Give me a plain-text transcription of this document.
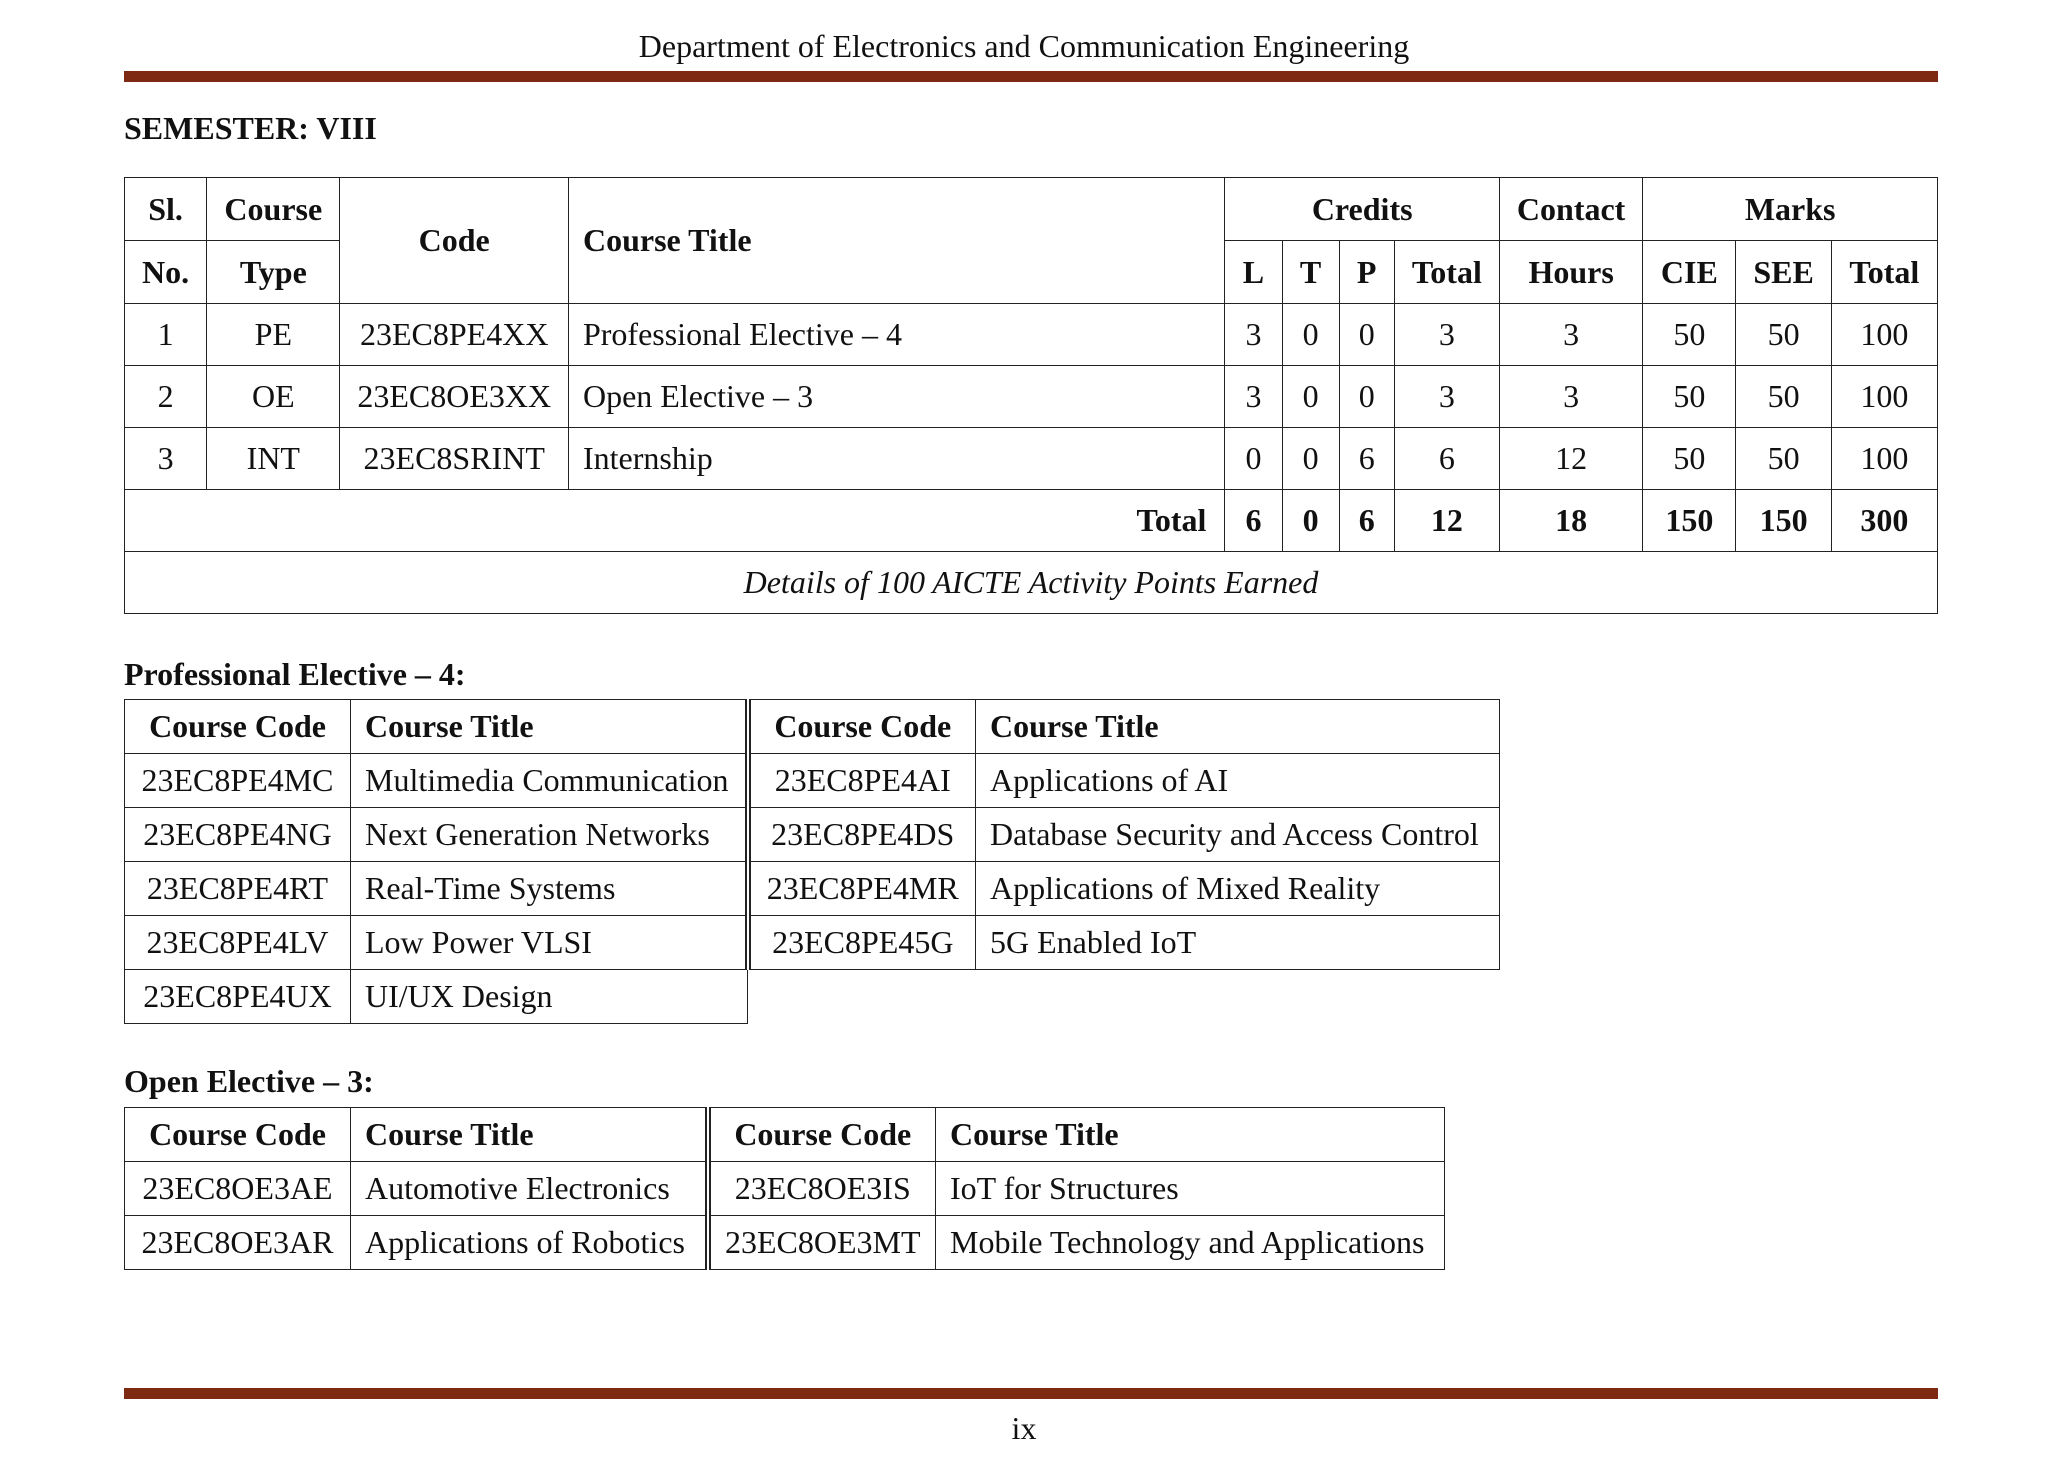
Department of Electronics and Communication Engineering
SEMESTER: VIII
Sl.	Course	Code	Course Title	Credits				Contact	Marks		
No.	Type			L	T	P	Total	Hours	CIE	SEE	Total
1	PE	23EC8PE4XX	Professional Elective – 4	3	0	0	3	3	50	50	100
2	OE	23EC8OE3XX	Open Elective – 3	3	0	0	3	3	50	50	100
3	INT	23EC8SRINT	Internship	0	0	6	6	12	50	50	100
Total				6	0	6	12	18	150	150	300
Details of 100 AICTE Activity Points Earned											
Professional Elective – 4:
Course Code	Course Title	Course Code	Course Title
23EC8PE4MC	Multimedia Communication	23EC8PE4AI	Applications of AI
23EC8PE4NG	Next Generation Networks	23EC8PE4DS	Database Security and Access Control
23EC8PE4RT	Real-Time Systems	23EC8PE4MR	Applications of Mixed Reality
23EC8PE4LV	Low Power VLSI	23EC8PE45G	5G Enabled IoT
23EC8PE4UX	UI/UX Design		
Open Elective – 3:
Course Code	Course Title	Course Code	Course Title
23EC8OE3AE	Automotive Electronics	23EC8OE3IS	IoT for Structures
23EC8OE3AR	Applications of Robotics	23EC8OE3MT	Mobile Technology and Applications
ix
